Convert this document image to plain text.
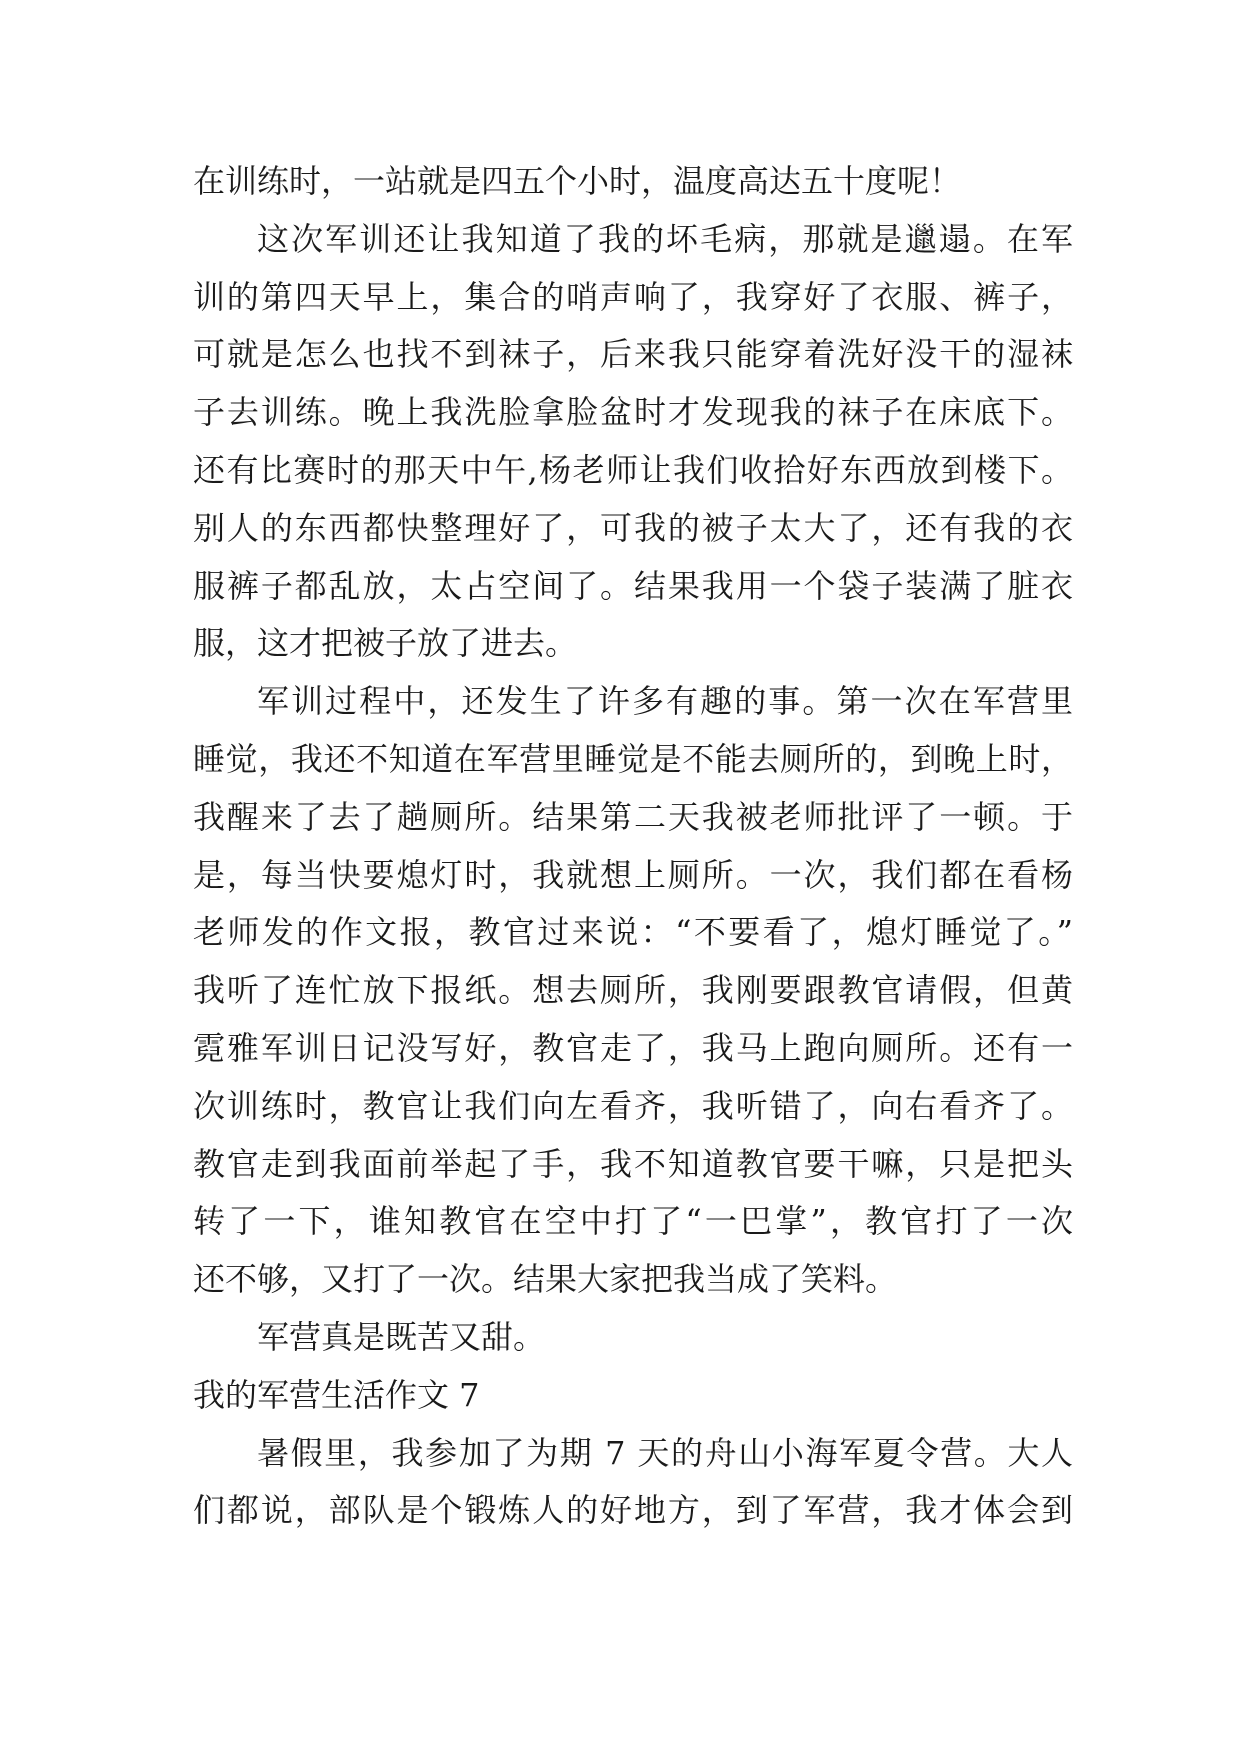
在训练时，一站就是四五个小时，温度高达五十度呢！
这次军训还让我知道了我的坏毛病，那就是邋遢。在军
训的第四天早上，集合的哨声响了，我穿好了衣服、裤子，
可就是怎么也找不到袜子，后来我只能穿着洗好没干的湿袜
子去训练。晚上我洗脸拿脸盆时才发现我的袜子在床底下。
还有比赛时的那天中午,杨老师让我们收拾好东西放到楼下。
别人的东西都快整理好了，可我的被子太大了，还有我的衣
服裤子都乱放，太占空间了。结果我用一个袋子装满了脏衣
服，这才把被子放了进去。
军训过程中，还发生了许多有趣的事。第一次在军营里
睡觉，我还不知道在军营里睡觉是不能去厕所的，到晚上时，
我醒来了去了趟厕所。结果第二天我被老师批评了一顿。于
是，每当快要熄灯时，我就想上厕所。一次，我们都在看杨
老师发的作文报，教官过来说：“不要看了，熄灯睡觉了。”
我听了连忙放下报纸。想去厕所，我刚要跟教官请假，但黄
霓雅军训日记没写好，教官走了，我马上跑向厕所。还有一
次训练时，教官让我们向左看齐，我听错了，向右看齐了。
教官走到我面前举起了手，我不知道教官要干嘛，只是把头
转了一下，谁知教官在空中打了“一巴掌”，教官打了一次
还不够，又打了一次。结果大家把我当成了笑料。
军营真是既苦又甜。
我的军营生活作文 7
暑假里，我参加了为期 7 天的舟山小海军夏令营。大人
们都说，部队是个锻炼人的好地方，到了军营，我才体会到
